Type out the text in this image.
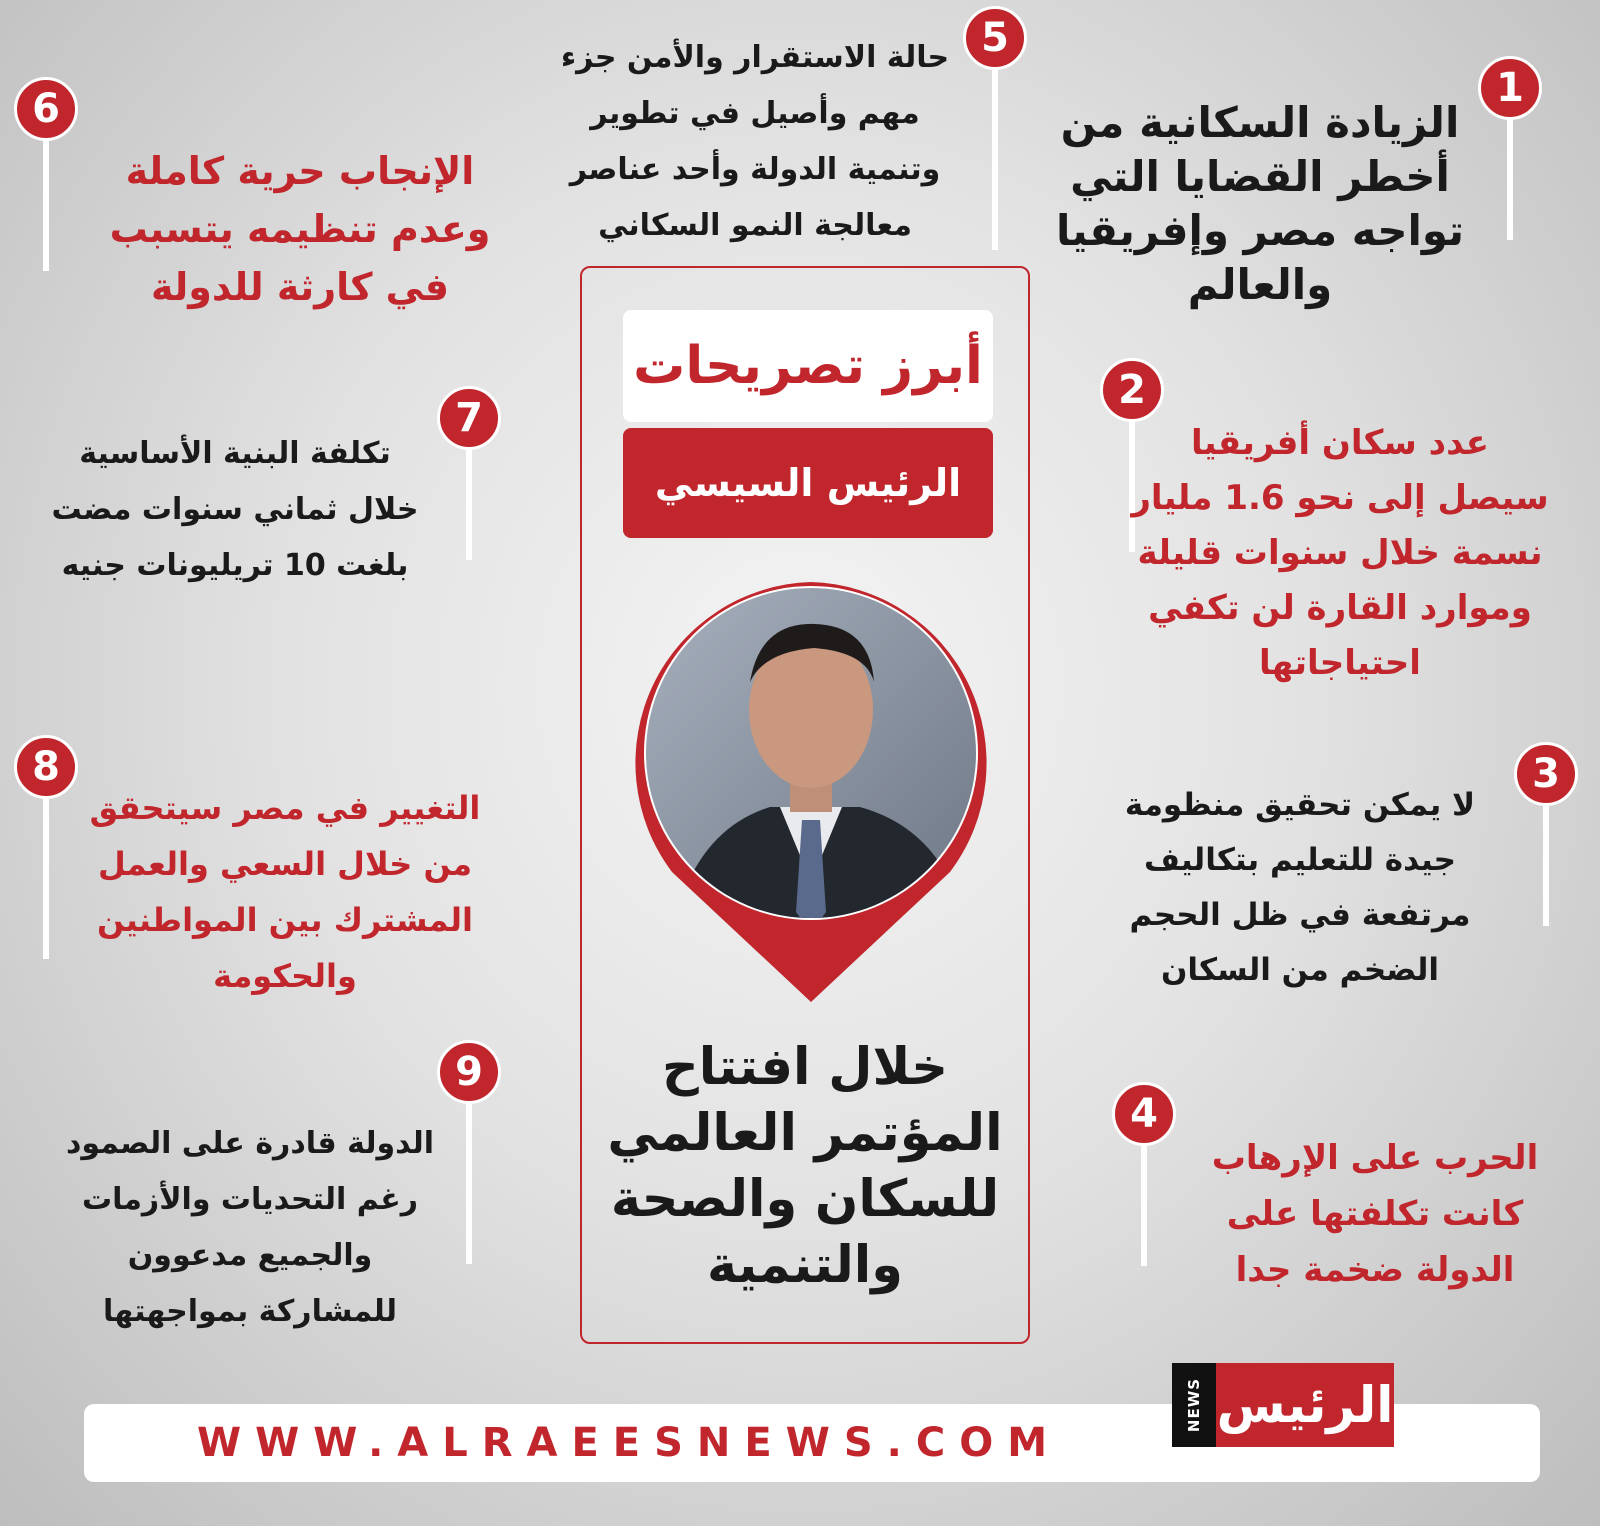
1
2
3
4
5
6
7
8
9
الزيادة السكانية من
أخطر القضايا التي
تواجه مصر وإفريقيا
والعالم
عدد سكان أفريقيا
سيصل إلى نحو 1.6 مليار
نسمة خلال سنوات قليلة
وموارد القارة لن تكفي
احتياجاتها
لا يمكن تحقيق منظومة
جيدة للتعليم بتكاليف
مرتفعة في ظل الحجم
الضخم من السكان
الحرب على الإرهاب
كانت تكلفتها على
الدولة ضخمة جدا
حالة الاستقرار والأمن جزء
مهم وأصيل في تطوير
وتنمية الدولة وأحد عناصر
معالجة النمو السكاني
الإنجاب حرية كاملة
وعدم تنظيمه يتسبب
في كارثة للدولة
تكلفة البنية الأساسية
خلال ثماني سنوات مضت
بلغت 10 تريليونات جنيه
التغيير في مصر سيتحقق
من خلال السعي والعمل
المشترك بين المواطنين
والحكومة
الدولة قادرة على الصمود
رغم التحديات والأزمات
والجميع مدعوون
للمشاركة بمواجهتها
أبرز تصريحات
الرئيس السيسي
خلال افتتاح
المؤتمر العالمي
للسكان والصحة
والتنمية
WWW.ALRAEESNEWS.COM
NEWS الرئيس
